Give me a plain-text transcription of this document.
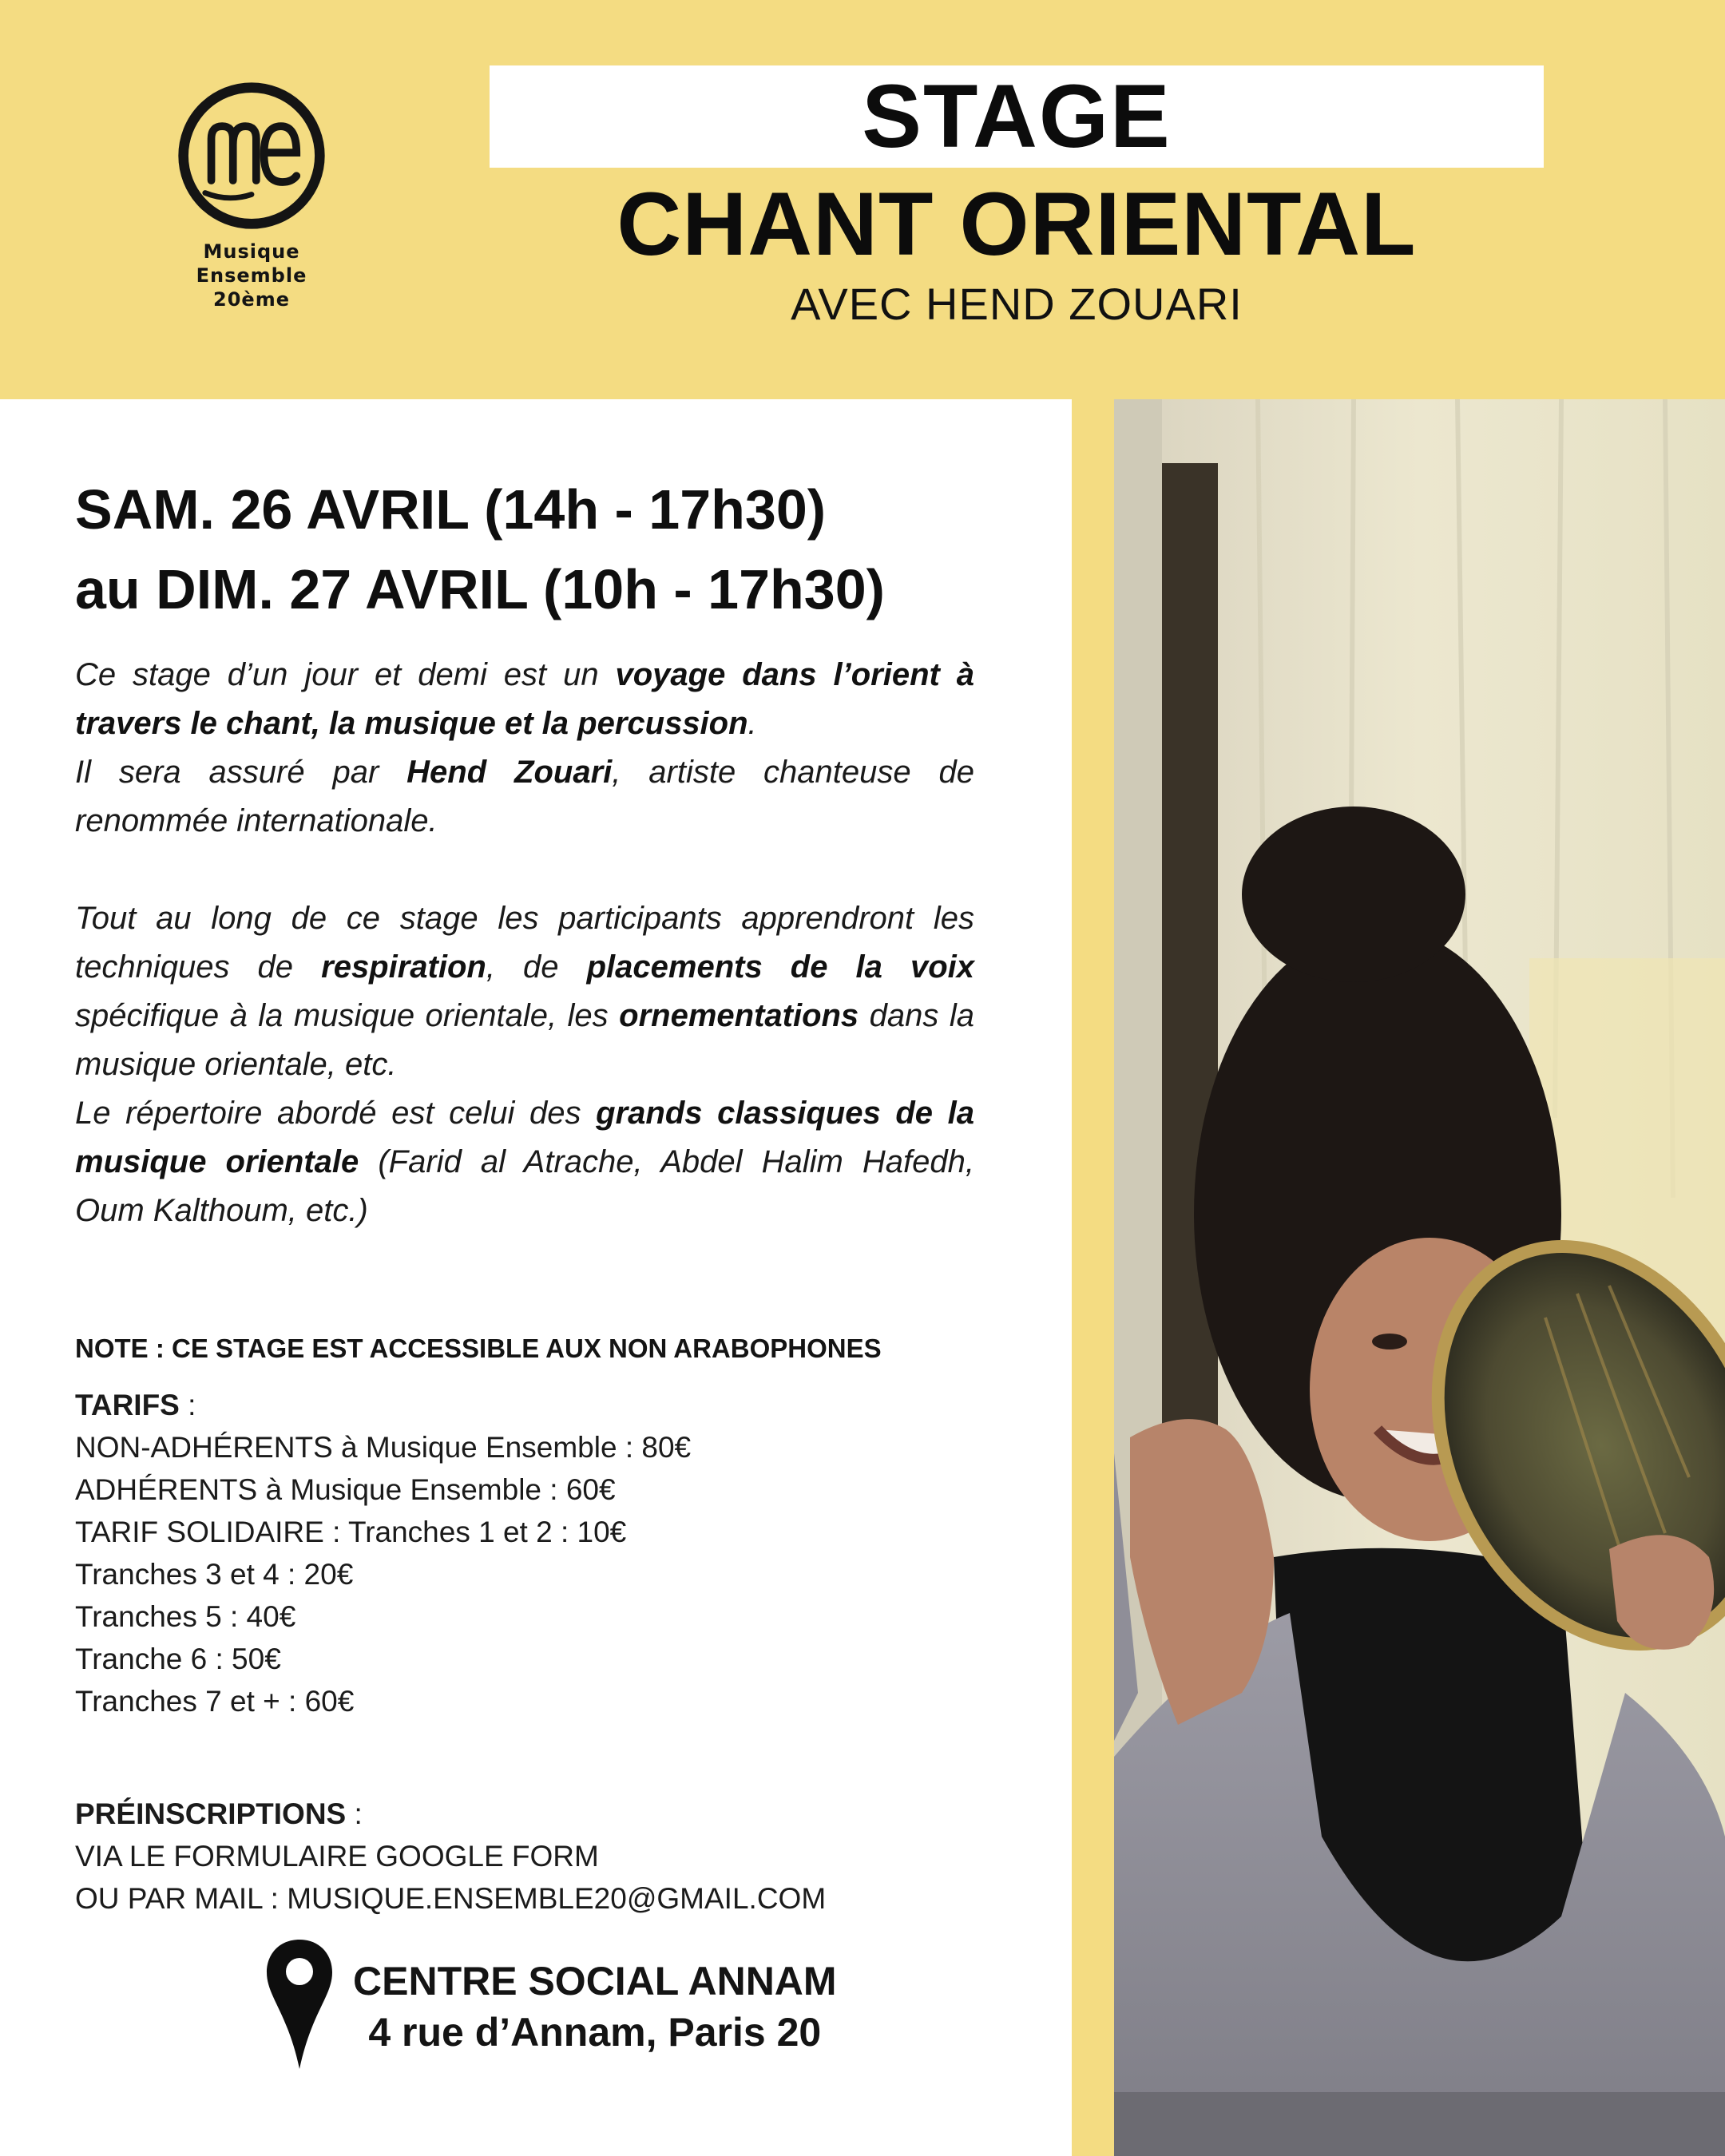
Musique
Ensemble
20ème
STAGE
CHANT ORIENTAL
AVEC HEND ZOUARI
SAM. 26 AVRIL (14h - 17h30)
au DIM. 27 AVRIL (10h - 17h30)

Ce stage d’un jour et demi est un voyage dans l’orient à travers le chant, la musique et la percussion.

Il sera assuré par Hend Zouari, artiste chanteuse de renommée internationale.

Tout au long de ce stage les participants apprendront les techniques de respiration, de placements de la voix spécifique à la musique orientale, les ornementations dans la musique orientale, etc.

Le répertoire abordé est celui des grands classiques de la musique orientale (Farid al Atrache, Abdel Halim Hafedh, Oum Kalthoum, etc.)

NOTE : CE STAGE EST ACCESSIBLE AUX NON ARABOPHONES
TARIFS :
NON-ADHÉRENTS à Musique Ensemble : 80€
ADHÉRENTS à Musique Ensemble : 60€
TARIF SOLIDAIRE : Tranches 1 et 2 : 10€
Tranches 3 et 4 : 20€
Tranches 5 : 40€
Tranche 6 : 50€
Tranches 7 et + : 60€
PRÉINSCRIPTIONS :
VIA LE FORMULAIRE GOOGLE FORM
OU PAR MAIL : MUSIQUE.ENSEMBLE20@GMAIL.COM
CENTRE SOCIAL ANNAM
4 rue d’Annam, Paris 20
